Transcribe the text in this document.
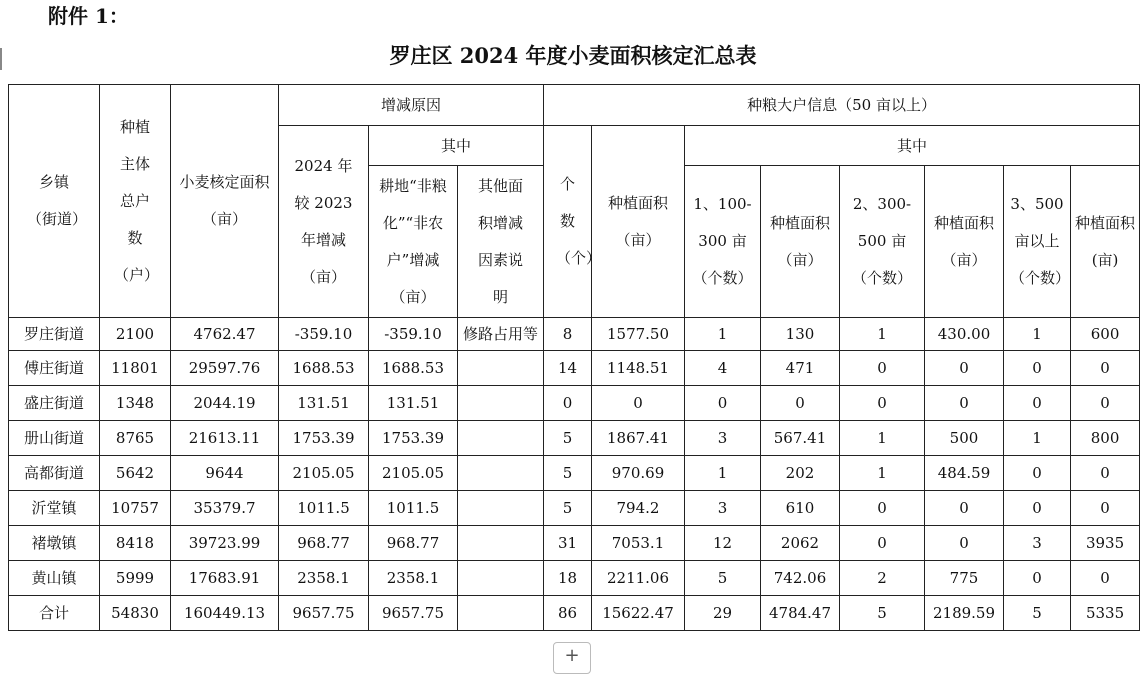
附件 1：
罗庄区 2024 年度小麦面积核定汇总表
乡镇（街道）	种植主体总户数（户）	小麦核定面积（亩）	增减原因			种粮大户信息（50 亩以上）							
			2024 年较 2023 年增减（亩）	其中		个数（个）	种植面积（亩）	其中					
				耕地“非粮化”“非农户”增减（亩）	其他面积增减因素说明			1、100-300 亩（个数）	种植面积（亩）	2、300-500 亩（个数）	种植面积（亩）	3、500 亩以上（个数）	种植面积(亩)
罗庄街道	2100	4762.47	-359.10	-359.10	修路占用等	8	1577.50	1	130	1	430.00	1	600
傅庄街道	11801	29597.76	1688.53	1688.53		14	1148.51	4	471	0	0	0	0
盛庄街道	1348	2044.19	131.51	131.51		0	0	0	0	0	0	0	0
册山街道	8765	21613.11	1753.39	1753.39		5	1867.41	3	567.41	1	500	1	800
高都街道	5642	9644	2105.05	2105.05		5	970.69	1	202	1	484.59	0	0
沂堂镇	10757	35379.7	1011.5	1011.5		5	794.2	3	610	0	0	0	0
褚墩镇	8418	39723.99	968.77	968.77		31	7053.1	12	2062	0	0	3	3935
黄山镇	5999	17683.91	2358.1	2358.1		18	2211.06	5	742.06	2	775	0	0
合计	54830	160449.13	9657.75	9657.75		86	15622.47	29	4784.47	5	2189.59	5	5335
+
